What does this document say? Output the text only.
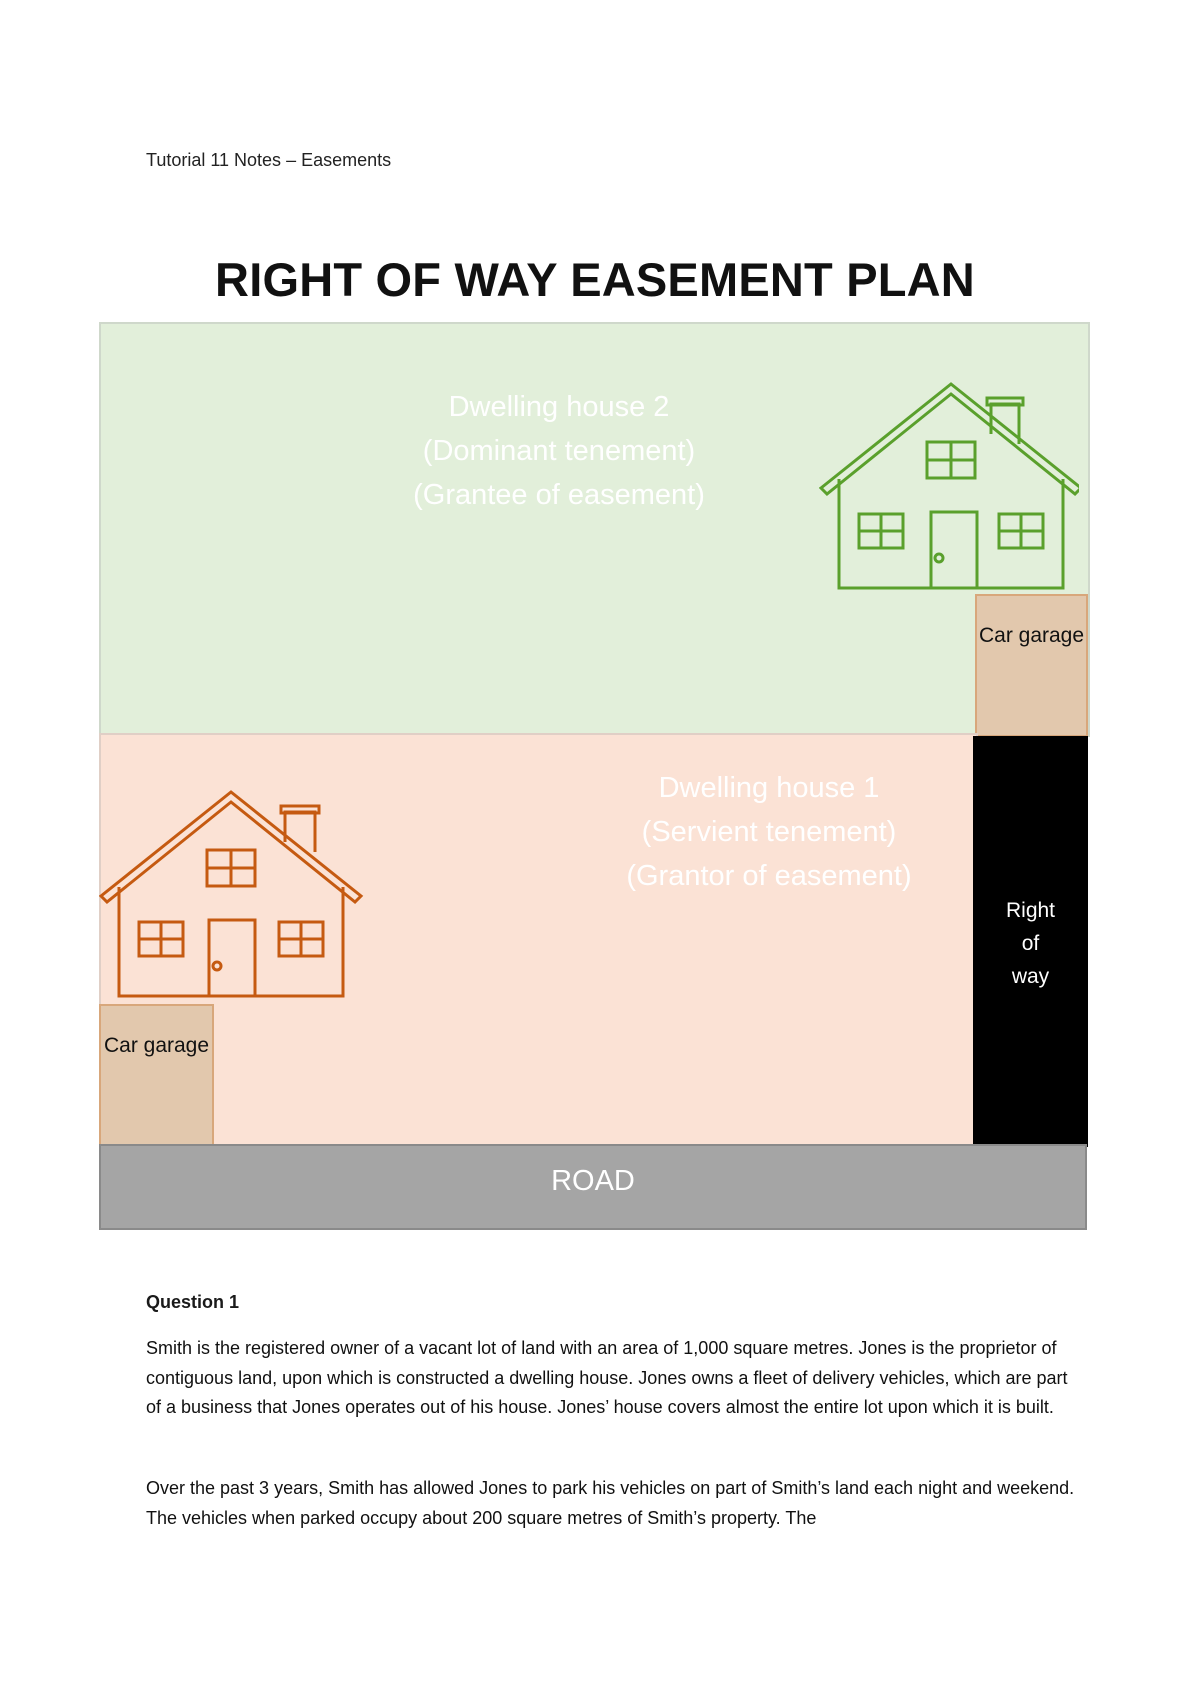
Tutorial 11 Notes – Easements
RIGHT OF WAY EASEMENT PLAN
Dwelling house 2
(Dominant tenement)
(Grantee of easement)
Car garage
Dwelling house 1
(Servient tenement)
(Grantor of easement)
Car garage
Right
of
way
ROAD
Question 1

Smith is the registered owner of a vacant lot of land with an area of 1,000 square metres. Jones is the proprietor of contiguous land, upon which is constructed a dwelling house. Jones owns a fleet of delivery vehicles, which are part of a business that Jones operates out of his house. Jones’ house covers almost the entire lot upon which it is built.

Over the past 3 years, Smith has allowed Jones to park his vehicles on part of Smith’s land each night and weekend. The vehicles when parked occupy about 200 square metres of Smith’s property. The
